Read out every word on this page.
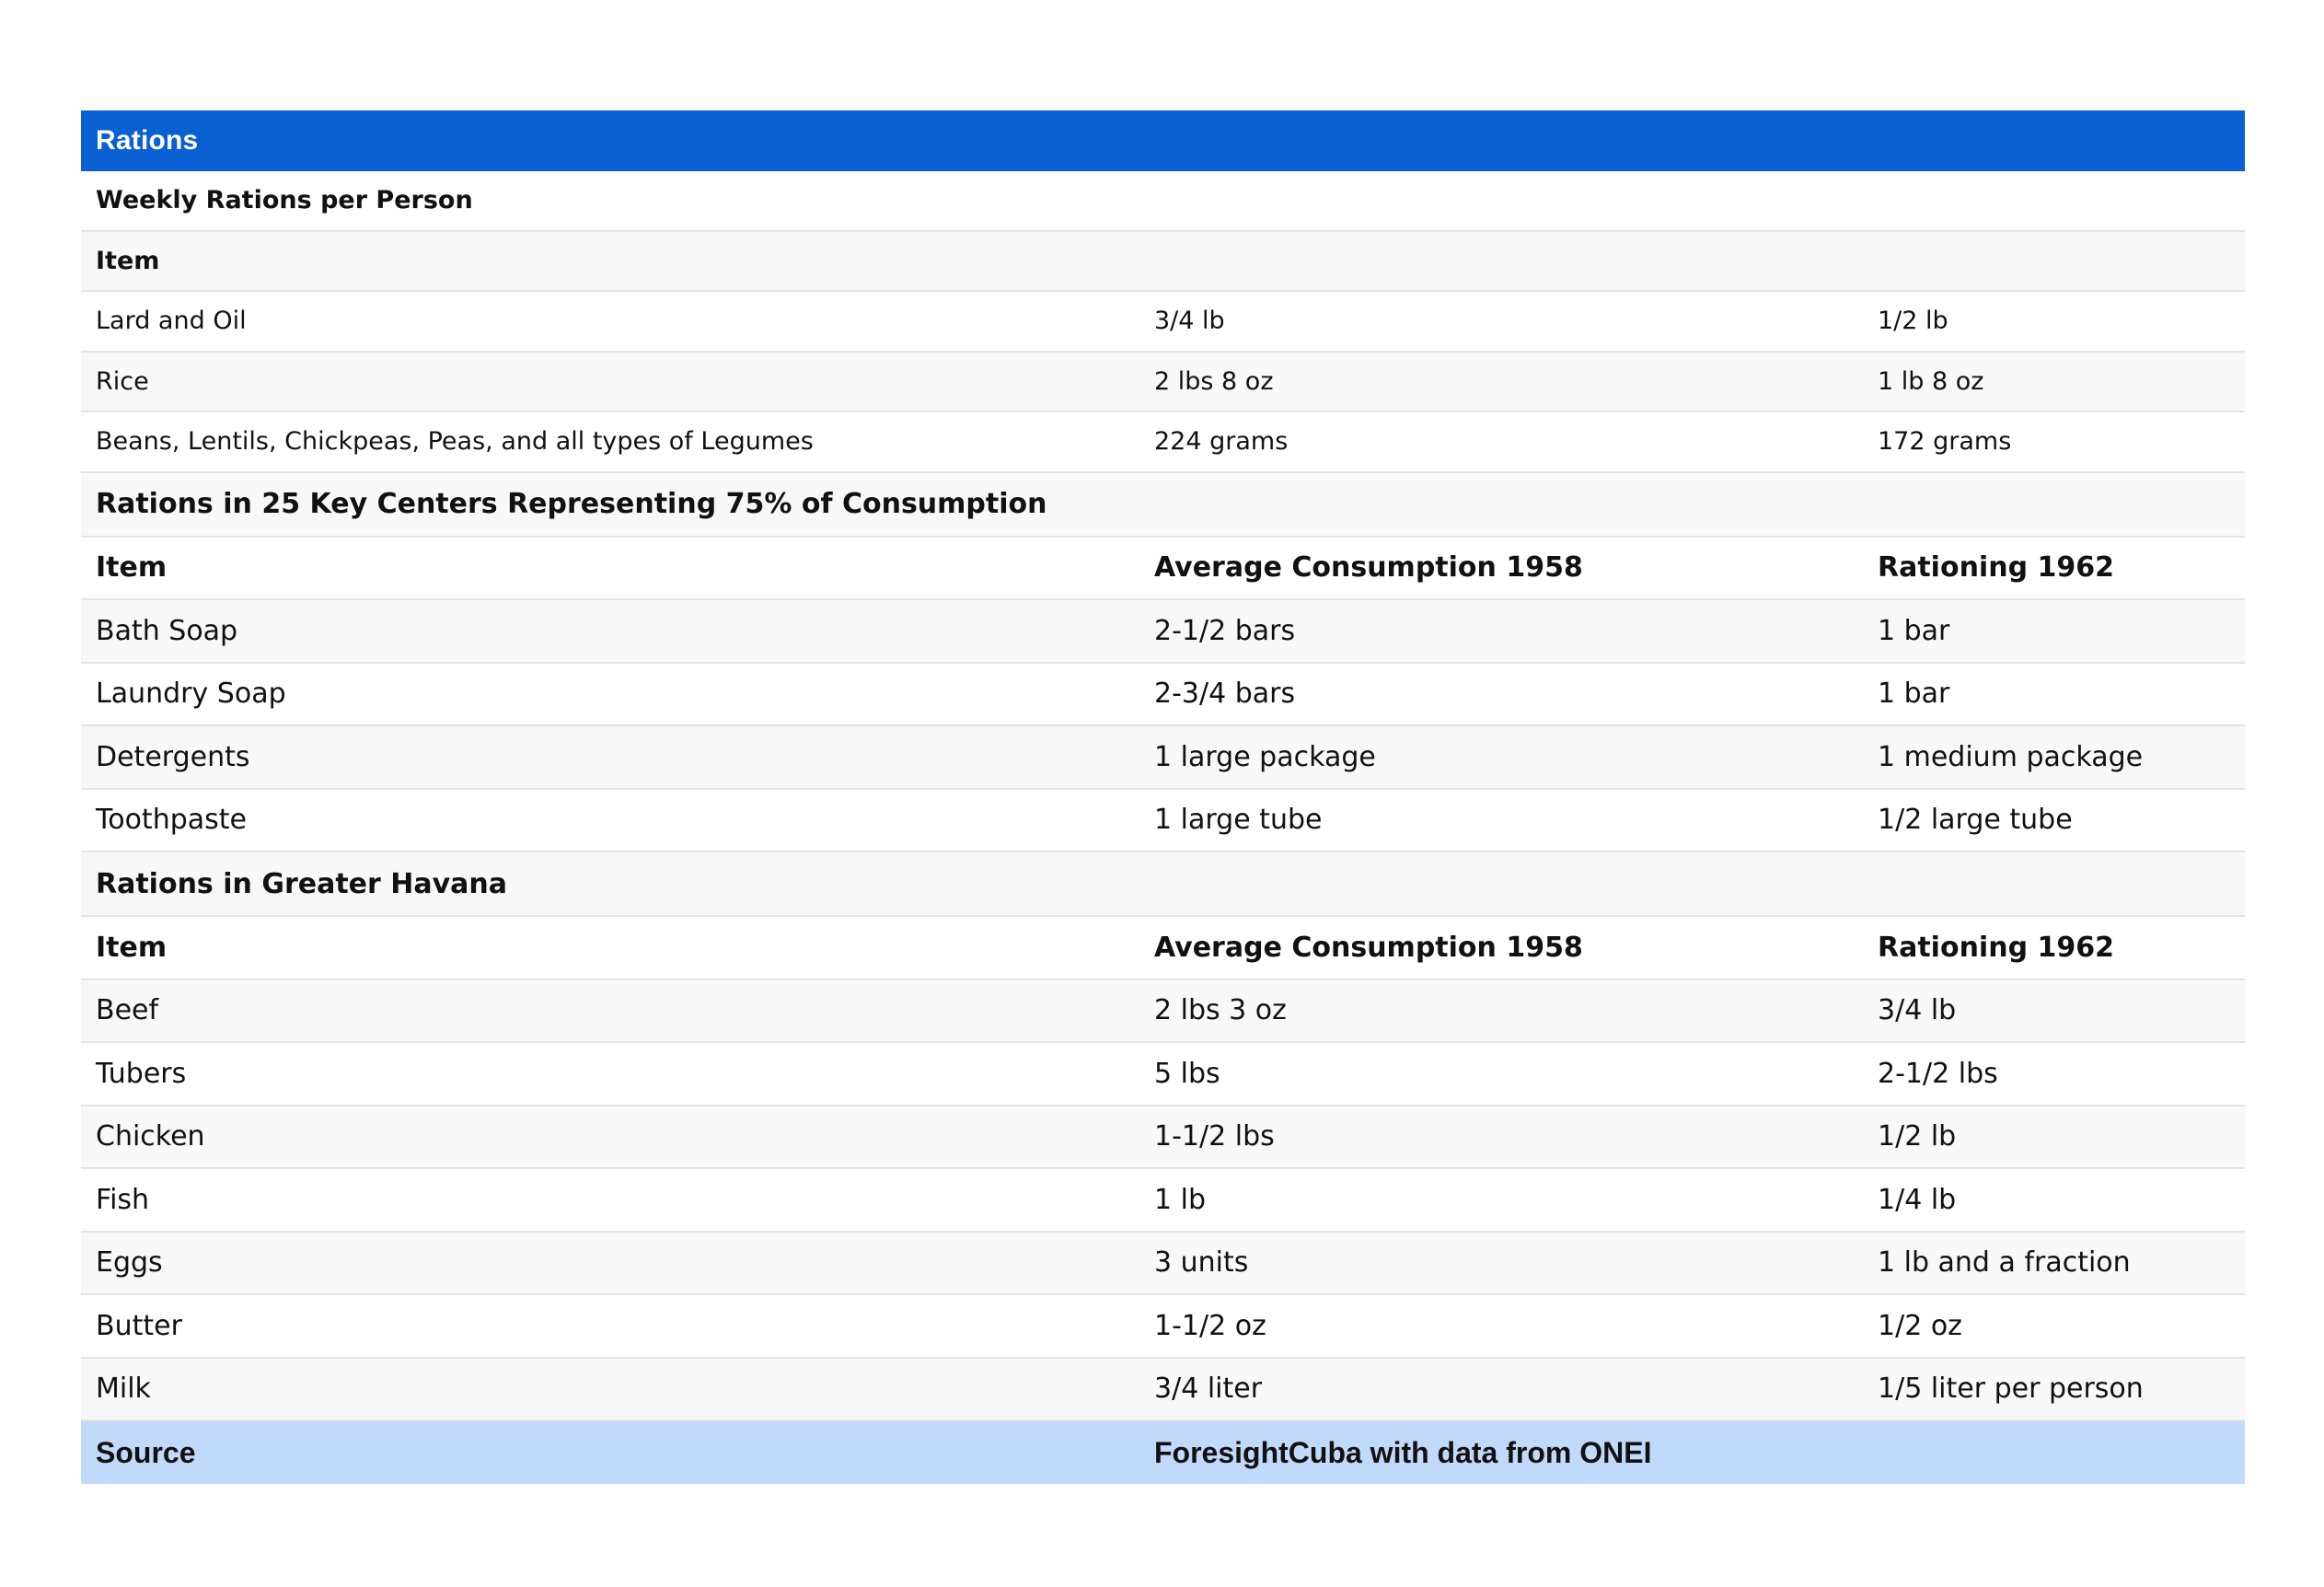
Rations
Weekly Rations per Person
Item
Lard and Oil	3/4 lb	1/2 lb
Rice	2 lbs 8 oz	1 lb 8 oz
Beans, Lentils, Chickpeas, Peas, and all types of Legumes	224 grams	172 grams
Rations in 25 Key Centers Representing 75% of Consumption
Item	Average Consumption 1958	Rationing 1962
Bath Soap	2-1/2 bars	1 bar
Laundry Soap	2-3/4 bars	1 bar
Detergents	1 large package	1 medium package
Toothpaste	1 large tube	1/2 large tube
Rations in Greater Havana
Item	Average Consumption 1958	Rationing 1962
Beef	2 lbs 3 oz	3/4 lb
Tubers	5 lbs	2-1/2 lbs
Chicken	1-1/2 lbs	1/2 lb
Fish	1 lb	1/4 lb
Eggs	3 units	1 lb and a fraction
Butter	1-1/2 oz	1/2 oz
Milk	3/4 liter	1/5 liter per person
Source	ForesightCuba with data from ONEI
